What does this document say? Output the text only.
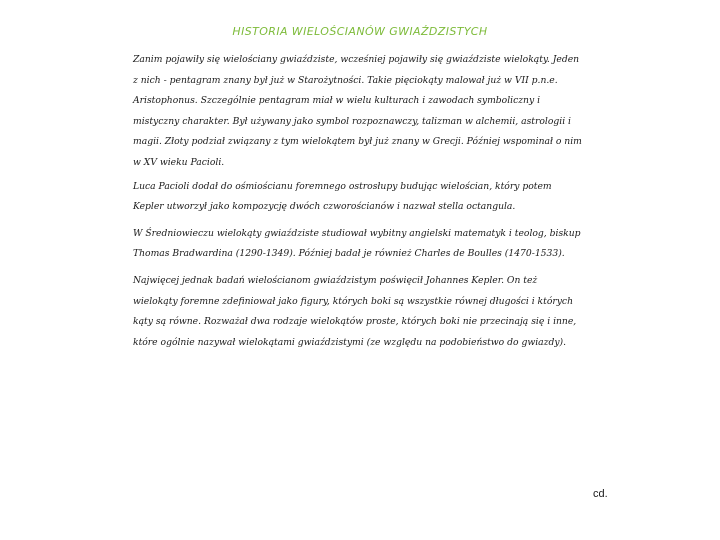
HISTORIA WIELOŚCIANÓW GWIAŹDZISTYCH

Zanim pojawiły się wielościany gwiaździste, wcześniej pojawiły się gwiaździste wielokąty. Jeden z nich - pentagram znany był już w Starożytności. Takie pięciokąty malował już w VII p.n.e. Aristophonus. Szczególnie pentagram miał w wielu kulturach i zawodach symboliczny i mistyczny charakter. Był używany jako symbol rozpoznawczy, talizman w alchemii, astrologii i magii. Złoty podział związany z tym wielokątem był już znany w Grecji. Później wspominał o nim w XV wieku Pacioli.

Luca Pacioli dodał do ośmiościanu foremnego ostrosłupy budując wielościan, który potem Kepler utworzył jako kompozycję dwóch czworościanów i nazwał stella octangula.

W Średniowieczu wielokąty gwiaździste studiował wybitny angielski matematyk i teolog, biskup Thomas Bradwardina (1290-1349). Później badał je również Charles de Boulles (1470-1533).

Najwięcej jednak badań wielościanom gwiaździstym poświęcił Johannes Kepler. On też wielokąty foremne zdefiniował jako figury, których boki są wszystkie równej długości i których kąty są równe. Rozważał dwa rodzaje wielokątów proste, których boki nie przecinają się i inne, które ogólnie nazywał wielokątami gwiaździstymi (ze względu na podobieństwo do gwiazdy).

cd.
